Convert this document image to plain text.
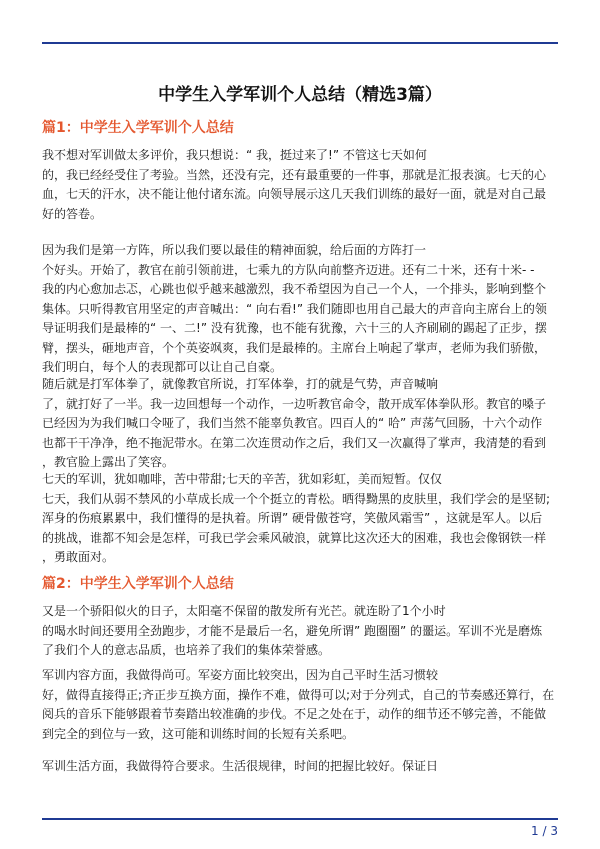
中学生入学军训个人总结（精选3篇）
篇1：中学生入学军训个人总结
我不想对军训做太多评价，我只想说：“ 我，挺过来了!” 不管这七天如何
的，我已经经受住了考验。当然，还没有完，还有最重要的一件事，那就是汇报表演。七天的心
血，七天的汗水，决不能让他付诸东流。向领导展示这几天我们训练的最好一面，就是对自己最
好的答卷。
因为我们是第一方阵，所以我们要以最佳的精神面貌，给后面的方阵打一
个好头。开始了，教官在前引领前进，七乘九的方队向前整齐迈进。还有二十米，还有十米- -
我的内心愈加忐忑，心跳也似乎越来越激烈，我不希望因为自己一个人，一个排头，影响到整个
集体。只听得教官用坚定的声音喊出：“ 向右看!” 我们随即也用自己最大的声音向主席台上的领
导证明我们是最棒的“ 一、二!” 没有犹豫，也不能有犹豫，六十三的人齐刷刷的踢起了正步，摆
臂，摆头，砸地声音，个个英姿飒爽，我们是最棒的。主席台上响起了掌声，老师为我们骄傲，
我们明白，每个人的表现都可以让自己自豪。
随后就是打军体拳了，就像教官所说，打军体拳，打的就是气势，声音喊响
了，就打好了一半。我一边回想每一个动作，一边听教官命令，散开成军体拳队形。教官的嗓子
已经因为为我们喊口令哑了，我们当然不能辜负教官。四百人的“ 哈” 声荡气回肠，十六个动作
也都干干净净，绝不拖泥带水。在第二次连贯动作之后，我们又一次赢得了掌声，我清楚的看到
，教官脸上露出了笑容。
七天的军训，犹如咖啡，苦中带甜;七天的辛苦，犹如彩虹，美而短暂。仅仅
七天，我们从弱不禁风的小草成长成一个个挺立的青松。晒得黝黑的皮肤里，我们学会的是坚韧;
浑身的伤痕累累中，我们懂得的是执着。所谓” 硬骨傲苍穹，笑傲风霜雪” ，这就是军人。以后
的挑战，谁都不知会是怎样，可我已学会乘风破浪，就算比这次还大的困难，我也会像钢铁一样
，勇敢面对。
篇2：中学生入学军训个人总结
又是一个骄阳似火的日子，太阳毫不保留的散发所有光芒。就连盼了1个小时
的喝水时间还要用全劲跑步，才能不是最后一名，避免所谓” 跑圈圈” 的噩运。军训不光是磨炼
了我们个人的意志品质，也培养了我们的集体荣誉感。
军训内容方面，我做得尚可。军姿方面比较突出，因为自己平时生活习惯较
好，做得直接得正;齐正步互换方面，操作不难，做得可以;对于分列式，自己的节奏感还算行，在
阅兵的音乐下能够跟着节奏踏出较准确的步伐。不足之处在于，动作的细节还不够完善，不能做
到完全的到位与一致，这可能和训练时间的长短有关系吧。
军训生活方面，我做得符合要求。生活很规律，时间的把握比较好。保证日
1 / 3
